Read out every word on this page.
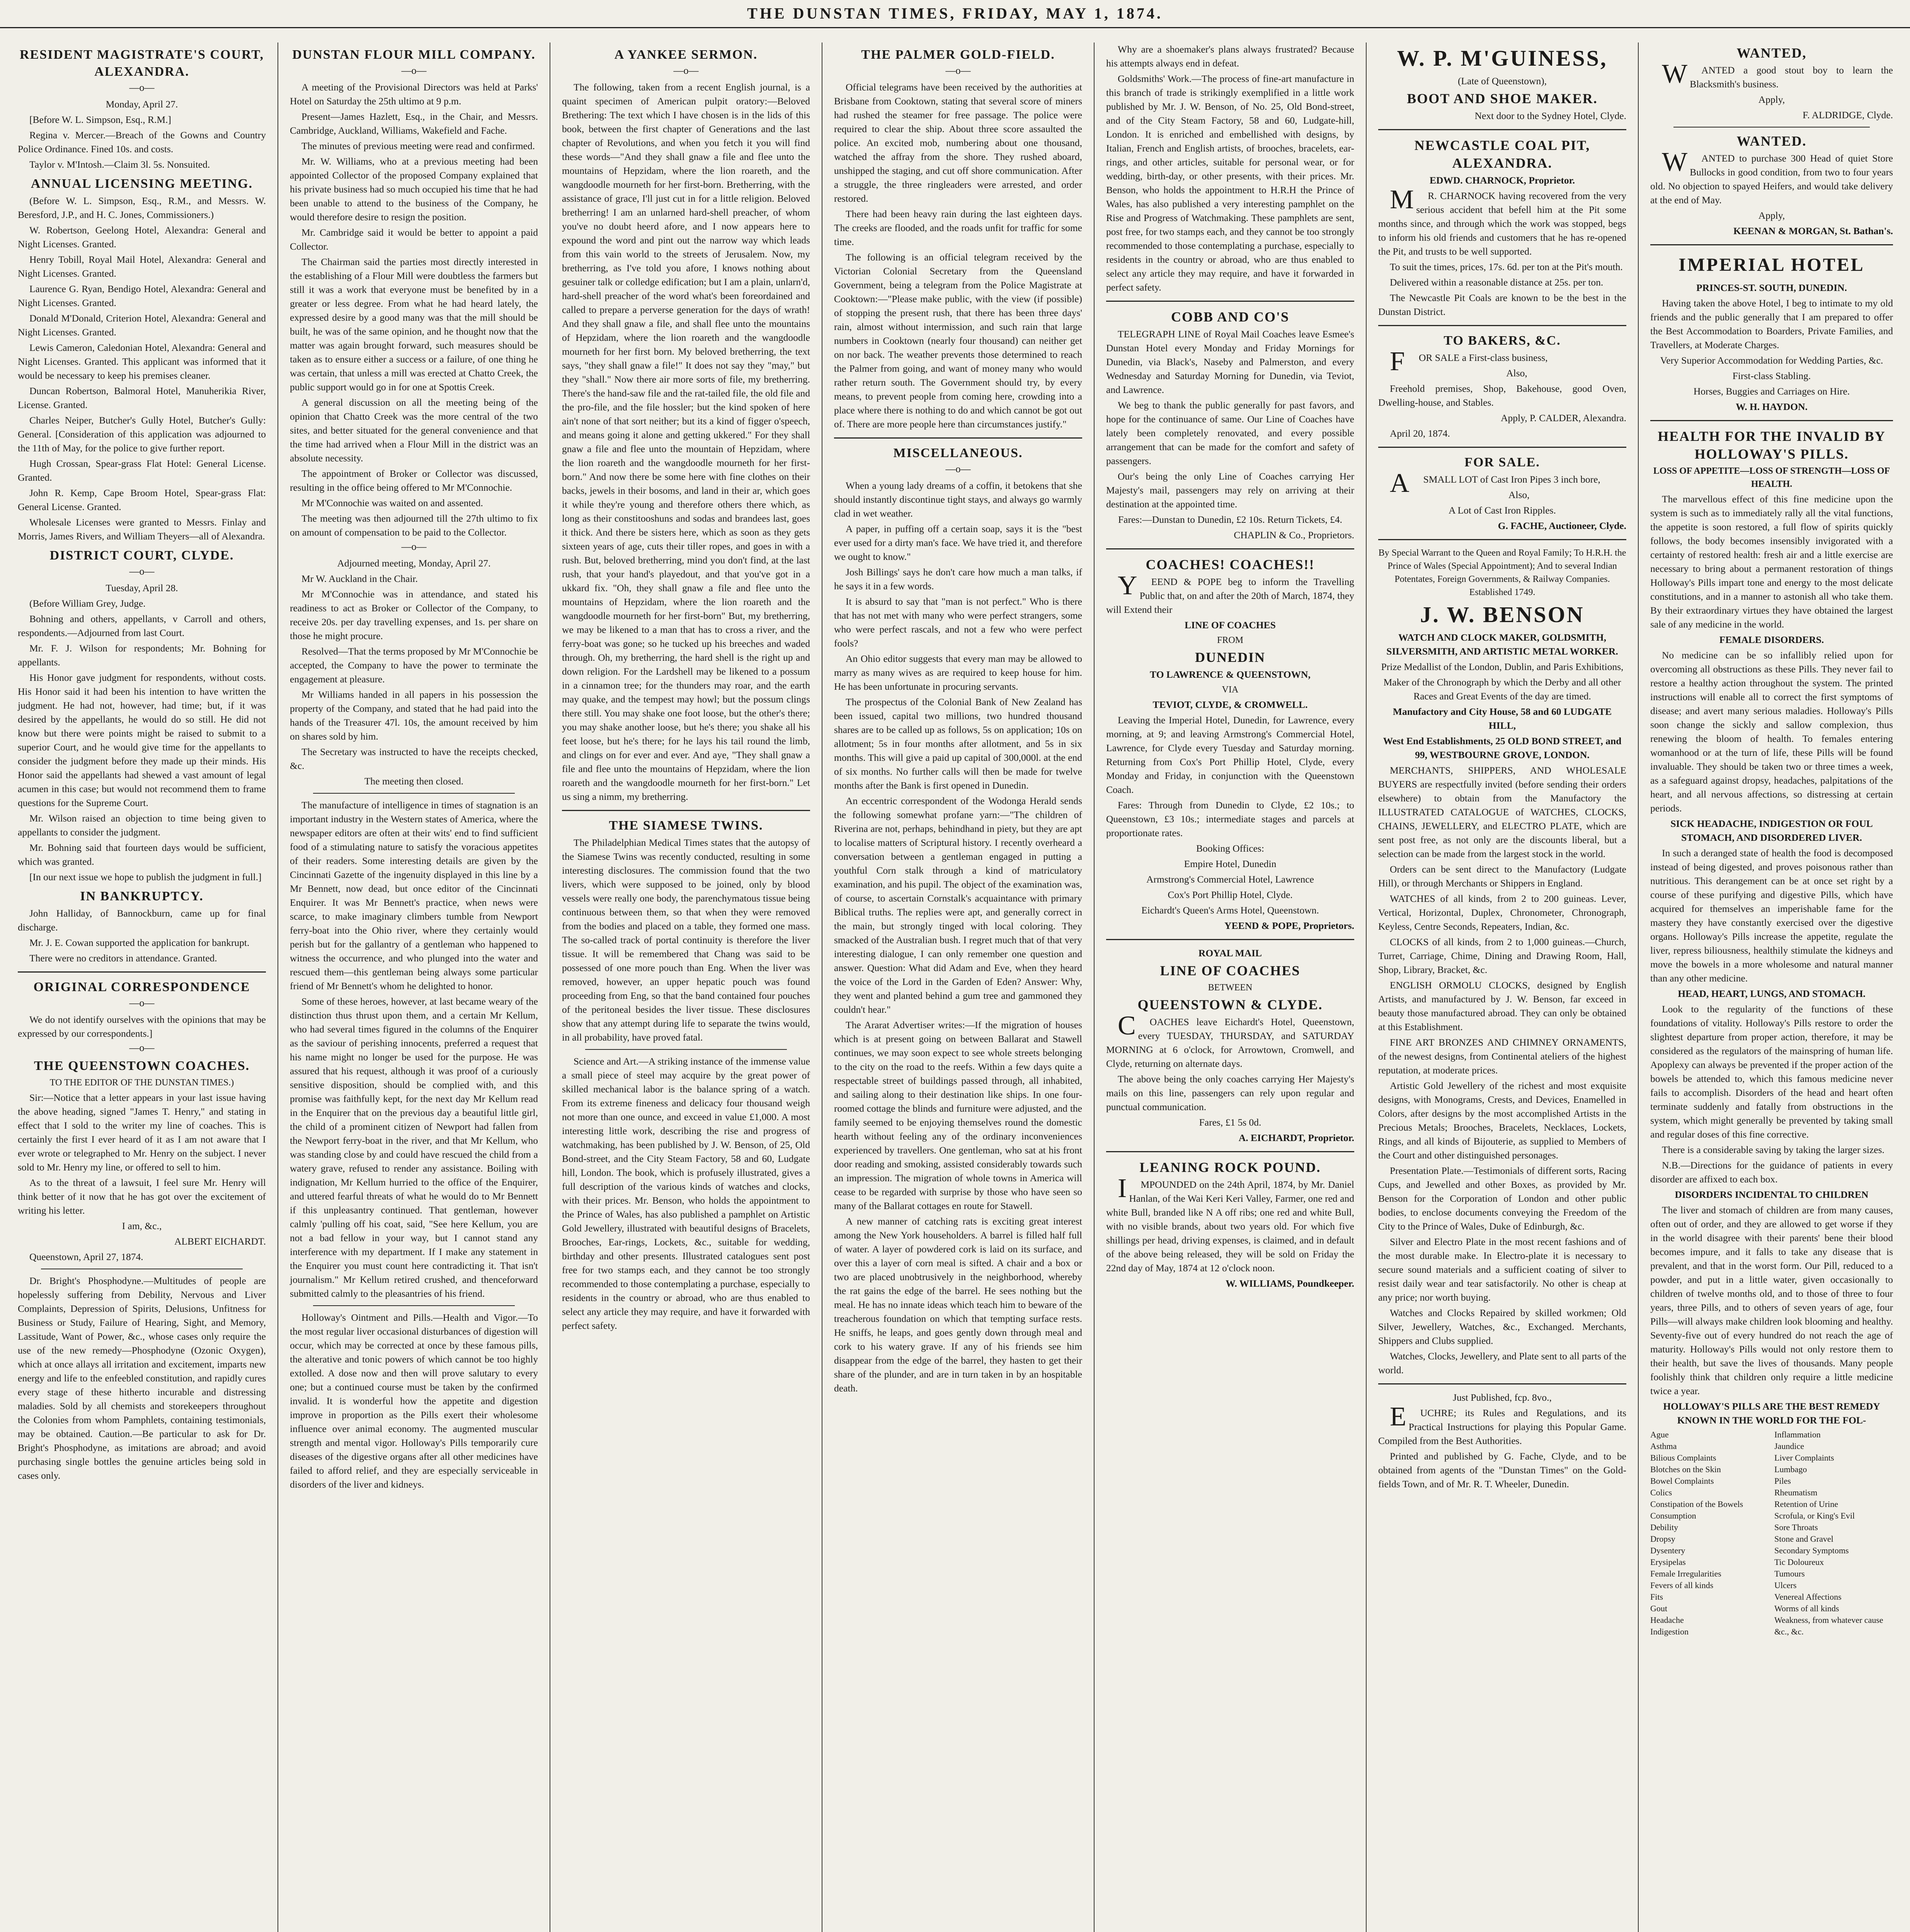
THE DUNSTAN TIMES, FRIDAY, MAY 1, 1874.
RESIDENT MAGISTRATE'S COURT, ALEXANDRA.
—o—
Monday, April 27.
[Before W. L. Simpson, Esq., R.M.]
Regina v. Mercer.—Breach of the Gowns and Country Police Ordinance. Fined 10s. and costs.
Taylor v. M'Intosh.—Claim 3l. 5s. Nonsuited.
ANNUAL LICENSING MEETING.
(Before W. L. Simpson, Esq., R.M., and Messrs. W. Beresford, J.P., and H. C. Jones, Commissioners.)
W. Robertson, Geelong Hotel, Alexandra: General and Night Licenses. Granted.
Henry Tobill, Royal Mail Hotel, Alexandra: General and Night Licenses. Granted.
Laurence G. Ryan, Bendigo Hotel, Alexandra: General and Night Licenses. Granted.
Donald M'Donald, Criterion Hotel, Alexandra: General and Night Licenses. Granted.
Lewis Cameron, Caledonian Hotel, Alexandra: General and Night Licenses. Granted. This applicant was informed that it would be necessary to keep his premises cleaner.
Duncan Robertson, Balmoral Hotel, Manuherikia River, License. Granted.
Charles Neiper, Butcher's Gully Hotel, Butcher's Gully: General. [Consideration of this application was adjourned to the 11th of May, for the police to give further report.
Hugh Crossan, Spear-grass Flat Hotel: General License. Granted.
John R. Kemp, Cape Broom Hotel, Spear-grass Flat: General License. Granted.
Wholesale Licenses were granted to Messrs. Finlay and Morris, James Rivers, and William Theyers—all of Alexandra.
DISTRICT COURT, CLYDE.
—o—
Tuesday, April 28.
(Before William Grey, Judge.
Bohning and others, appellants, v Carroll and others, respondents.—Adjourned from last Court.
Mr. F. J. Wilson for respondents; Mr. Bohning for appellants.
His Honor gave judgment for respondents, without costs. His Honor said it had been his intention to have written the judgment. He had not, however, had time; but, if it was desired by the appellants, he would do so still. He did not know but there were points might be raised to submit to a superior Court, and he would give time for the appellants to consider the judgment before they made up their minds. His Honor said the appellants had shewed a vast amount of legal acumen in this case; but would not recommend them to frame questions for the Supreme Court.
Mr. Wilson raised an objection to time being given to appellants to consider the judgment.
Mr. Bohning said that fourteen days would be sufficient, which was granted.
[In our next issue we hope to publish the judgment in full.]
IN BANKRUPTCY.
John Halliday, of Bannockburn, came up for final discharge.
Mr. J. E. Cowan supported the application for bankrupt.
There were no creditors in attendance. Granted.
ORIGINAL CORRESPONDENCE
—o—
We do not identify ourselves with the opinions that may be expressed by our correspondents.]
—o—
THE QUEENSTOWN COACHES.
TO THE EDITOR OF THE DUNSTAN TIMES.)
Sir:—Notice that a letter appears in your last issue having the above heading, signed "James T. Henry," and stating in effect that I sold to the writer my line of coaches. This is certainly the first I ever heard of it as I am not aware that I ever wrote or telegraphed to Mr. Henry on the subject. I never sold to Mr. Henry my line, or offered to sell to him.
As to the threat of a lawsuit, I feel sure Mr. Henry will think better of it now that he has got over the excitement of writing his letter.
I am, &c.,
ALBERT EICHARDT.
Queenstown, April 27, 1874.
Dr. Bright's Phosphodyne.—Multitudes of people are hopelessly suffering from Debility, Nervous and Liver Complaints, Depression of Spirits, Delusions, Unfitness for Business or Study, Failure of Hearing, Sight, and Memory, Lassitude, Want of Power, &c., whose cases only require the use of the new remedy—Phosphodyne (Ozonic Oxygen), which at once allays all irritation and excitement, imparts new energy and life to the enfeebled constitution, and rapidly cures every stage of these hitherto incurable and distressing maladies. Sold by all chemists and storekeepers throughout the Colonies from whom Pamphlets, containing testimonials, may be obtained. Caution.—Be particular to ask for Dr. Bright's Phosphodyne, as imitations are abroad; and avoid purchasing single bottles the genuine articles being sold in cases only.
DUNSTAN FLOUR MILL COMPANY.
—o—
A meeting of the Provisional Directors was held at Parks' Hotel on Saturday the 25th ultimo at 9 p.m.
Present—James Hazlett, Esq., in the Chair, and Messrs. Cambridge, Auckland, Williams, Wakefield and Fache.
The minutes of previous meeting were read and confirmed.
Mr. W. Williams, who at a previous meeting had been appointed Collector of the proposed Company explained that his private business had so much occupied his time that he had been unable to attend to the business of the Company, he would therefore desire to resign the position.
Mr. Cambridge said it would be better to appoint a paid Collector.
The Chairman said the parties most directly interested in the establishing of a Flour Mill were doubtless the farmers but still it was a work that everyone must be benefited by in a greater or less degree. From what he had heard lately, the expressed desire by a good many was that the mill should be built, he was of the same opinion, and he thought now that the matter was again brought forward, such measures should be taken as to ensure either a success or a failure, of one thing he was certain, that unless a mill was erected at Chatto Creek, the public support would go in for one at Spottis Creek.
A general discussion on all the meeting being of the opinion that Chatto Creek was the more central of the two sites, and better situated for the general convenience and that the time had arrived when a Flour Mill in the district was an absolute necessity.
The appointment of Broker or Collector was discussed, resulting in the office being offered to Mr M'Connochie.
Mr M'Connochie was waited on and assented.
The meeting was then adjourned till the 27th ultimo to fix on amount of compensation to be paid to the Collector.
—o—
Adjourned meeting, Monday, April 27.
Mr W. Auckland in the Chair.
Mr M'Connochie was in attendance, and stated his readiness to act as Broker or Collector of the Company, to receive 20s. per day travelling expenses, and 1s. per share on those he might procure.
Resolved—That the terms proposed by Mr M'Connochie be accepted, the Company to have the power to terminate the engagement at pleasure.
Mr Williams handed in all papers in his possession the property of the Company, and stated that he had paid into the hands of the Treasurer 47l. 10s, the amount received by him on shares sold by him.
The Secretary was instructed to have the receipts checked, &c.
The meeting then closed.
The manufacture of intelligence in times of stagnation is an important industry in the Western states of America, where the newspaper editors are often at their wits' end to find sufficient food of a stimulating nature to satisfy the voracious appetites of their readers. Some interesting details are given by the Cincinnati Gazette of the ingenuity displayed in this line by a Mr Bennett, now dead, but once editor of the Cincinnati Enquirer. It was Mr Bennett's practice, when news were scarce, to make imaginary climbers tumble from Newport ferry-boat into the Ohio river, where they certainly would perish but for the gallantry of a gentleman who happened to witness the occurrence, and who plunged into the water and rescued them—this gentleman being always some particular friend of Mr Bennett's whom he delighted to honor.
Some of these heroes, however, at last became weary of the distinction thus thrust upon them, and a certain Mr Kellum, who had several times figured in the columns of the Enquirer as the saviour of perishing innocents, preferred a request that his name might no longer be used for the purpose. He was assured that his request, although it was proof of a curiously sensitive disposition, should be complied with, and this promise was faithfully kept, for the next day Mr Kellum read in the Enquirer that on the previous day a beautiful little girl, the child of a prominent citizen of Newport had fallen from the Newport ferry-boat in the river, and that Mr Kellum, who was standing close by and could have rescued the child from a watery grave, refused to render any assistance. Boiling with indignation, Mr Kellum hurried to the office of the Enquirer, and uttered fearful threats of what he would do to Mr Bennett if this unpleasantry continued. That gentleman, however calmly 'pulling off his coat, said, "See here Kellum, you are not a bad fellow in your way, but I cannot stand any interference with my department. If I make any statement in the Enquirer you must count here contradicting it. That isn't journalism." Mr Kellum retired crushed, and thenceforward submitted calmly to the pleasantries of his friend.
Holloway's Ointment and Pills.—Health and Vigor.—To the most regular liver occasional disturbances of digestion will occur, which may be corrected at once by these famous pills, the alterative and tonic powers of which cannot be too highly extolled. A dose now and then will prove salutary to every one; but a continued course must be taken by the confirmed invalid. It is wonderful how the appetite and digestion improve in proportion as the Pills exert their wholesome influence over animal economy. The augmented muscular strength and mental vigor. Holloway's Pills temporarily cure diseases of the digestive organs after all other medicines have failed to afford relief, and they are especially serviceable in disorders of the liver and kidneys.
A YANKEE SERMON.
—o—
The following, taken from a recent English journal, is a quaint specimen of American pulpit oratory:—Beloved Brethering: The text which I have chosen is in the lids of this book, between the first chapter of Generations and the last chapter of Revolutions, and when you fetch it you will find these words—"And they shall gnaw a file and flee unto the mountains of Hepzidam, where the lion roareth, and the wangdoodle mourneth for her first-born. Bretherring, with the assistance of grace, I'll just cut in for a little religion. Beloved bretherring! I am an unlarned hard-shell preacher, of whom you've no doubt heerd afore, and I now appears here to expound the word and pint out the narrow way which leads from this vain world to the streets of Jerusalem. Now, my bretherring, as I've told you afore, I knows nothing about gesuiner talk or colledge edification; but I am a plain, unlarn'd, hard-shell preacher of the word what's been foreordained and called to prepare a perverse generation for the days of wrath! And they shall gnaw a file, and shall flee unto the mountains of Hepzidam, where the lion roareth and the wangdoodle mourneth for her first born. My beloved bretherring, the text says, "they shall gnaw a file!" It does not say they "may," but they "shall." Now there air more sorts of file, my bretherring. There's the hand-saw file and the rat-tailed file, the old file and the pro-file, and the file hossler; but the kind spoken of here ain't none of that sort neither; but its a kind of figger o'speech, and means going it alone and getting ukkered." For they shall gnaw a file and flee unto the mountain of Hepzidam, where the lion roareth and the wangdoodle mourneth for her first-born." And now there be some here with fine clothes on their backs, jewels in their bosoms, and land in their ar, which goes it while they're young and therefore others there which, as long as their constitooshuns and sodas and brandees last, goes it thick. And there be sisters here, which as soon as they gets sixteen years of age, cuts their tiller ropes, and goes in with a rush. But, beloved bretherring, mind you don't find, at the last rush, that your hand's playedout, and that you've got in a ukkard fix. "Oh, they shall gnaw a file and flee unto the mountains of Hepzidam, where the lion roareth and the wangdoodle mourneth for her first-born" But, my bretherring, we may be likened to a man that has to cross a river, and the ferry-boat was gone; so he tucked up his breeches and waded through. Oh, my bretherring, the hard shell is the right up and down religion. For the Lardshell may be likened to a possum in a cinnamon tree; for the thunders may roar, and the earth may quake, and the tempest may howl; but the possum clings there still. You may shake one foot loose, but the other's there; you may shake another loose, but he's there; you shake all his feet loose, but he's there; for he lays his tail round the limb, and clings on for ever and ever. And aye, "They shall gnaw a file and flee unto the mountains of Hepzidam, where the lion roareth and the wangdoodle mourneth for her first-born." Let us sing a nimm, my bretherring.
THE SIAMESE TWINS.
The Philadelphian Medical Times states that the autopsy of the Siamese Twins was recently conducted, resulting in some interesting disclosures. The commission found that the two livers, which were supposed to be joined, only by blood vessels were really one body, the parenchymatous tissue being continuous between them, so that when they were removed from the bodies and placed on a table, they formed one mass. The so-called track of portal continuity is therefore the liver tissue. It will be remembered that Chang was said to be possessed of one more pouch than Eng. When the liver was removed, however, an upper hepatic pouch was found proceeding from Eng, so that the band contained four pouches of the peritoneal besides the liver tissue. These disclosures show that any attempt during life to separate the twins would, in all probability, have proved fatal.
Science and Art.—A striking instance of the immense value a small piece of steel may acquire by the great power of skilled mechanical labor is the balance spring of a watch. From its extreme fineness and delicacy four thousand weigh not more than one ounce, and exceed in value £1,000. A most interesting little work, describing the rise and progress of watchmaking, has been published by J. W. Benson, of 25, Old Bond-street, and the City Steam Factory, 58 and 60, Ludgate hill, London. The book, which is profusely illustrated, gives a full description of the various kinds of watches and clocks, with their prices. Mr. Benson, who holds the appointment to the Prince of Wales, has also published a pamphlet on Artistic Gold Jewellery, illustrated with beautiful designs of Bracelets, Brooches, Ear-rings, Lockets, &c., suitable for wedding, birthday and other presents. Illustrated catalogues sent post free for two stamps each, and they cannot be too strongly recommended to those contemplating a purchase, especially to residents in the country or abroad, who are thus enabled to select any article they may require, and have it forwarded with perfect safety.
THE PALMER GOLD-FIELD.
—o—
Official telegrams have been received by the authorities at Brisbane from Cooktown, stating that several score of miners had rushed the steamer for free passage. The police were required to clear the ship. About three score assaulted the police. An excited mob, numbering about one thousand, watched the affray from the shore. They rushed aboard, unshipped the staging, and cut off shore communication. After a struggle, the three ringleaders were arrested, and order restored.
There had been heavy rain during the last eighteen days. The creeks are flooded, and the roads unfit for traffic for some time.
The following is an official telegram received by the Victorian Colonial Secretary from the Queensland Government, being a telegram from the Police Magistrate at Cooktown:—"Please make public, with the view (if possible) of stopping the present rush, that there has been three days' rain, almost without intermission, and such rain that large numbers in Cooktown (nearly four thousand) can neither get on nor back. The weather prevents those determined to reach the Palmer from going, and want of money many who would rather return south. The Government should try, by every means, to prevent people from coming here, crowding into a place where there is nothing to do and which cannot be got out of. There are more people here than circumstances justify."
MISCELLANEOUS.
—o—
When a young lady dreams of a coffin, it betokens that she should instantly discontinue tight stays, and always go warmly clad in wet weather.
A paper, in puffing off a certain soap, says it is the "best ever used for a dirty man's face. We have tried it, and therefore we ought to know."
Josh Billings' says he don't care how much a man talks, if he says it in a few words.
It is absurd to say that "man is not perfect." Who is there that has not met with many who were perfect strangers, some who were perfect rascals, and not a few who were perfect fools?
An Ohio editor suggests that every man may be allowed to marry as many wives as are required to keep house for him. He has been unfortunate in procuring servants.
The prospectus of the Colonial Bank of New Zealand has been issued, capital two millions, two hundred thousand shares are to be called up as follows, 5s on application; 10s on allotment; 5s in four months after allotment, and 5s in six months. This will give a paid up capital of 300,000l. at the end of six months. No further calls will then be made for twelve months after the Bank is first opened in Dunedin.
An eccentric correspondent of the Wodonga Herald sends the following somewhat profane yarn:—"The children of Riverina are not, perhaps, behindhand in piety, but they are apt to localise matters of Scriptural history. I recently overheard a conversation between a gentleman engaged in putting a youthful Corn stalk through a kind of matriculatory examination, and his pupil. The object of the examination was, of course, to ascertain Cornstalk's acquaintance with primary Biblical truths. The replies were apt, and generally correct in the main, but strongly tinged with local coloring. They smacked of the Australian bush. I regret much that of that very interesting dialogue, I can only remember one question and answer. Question: What did Adam and Eve, when they heard the voice of the Lord in the Garden of Eden? Answer: Why, they went and planted behind a gum tree and gammoned they couldn't hear."
The Ararat Advertiser writes:—If the migration of houses which is at present going on between Ballarat and Stawell continues, we may soon expect to see whole streets belonging to the city on the road to the reefs. Within a few days quite a respectable street of buildings passed through, all inhabited, and sailing along to their destination like ships. In one four-roomed cottage the blinds and furniture were adjusted, and the family seemed to be enjoying themselves round the domestic hearth without feeling any of the ordinary inconveniences experienced by travellers. One gentleman, who sat at his front door reading and smoking, assisted considerably towards such an impression. The migration of whole towns in America will cease to be regarded with surprise by those who have seen so many of the Ballarat cottages en route for Stawell.
A new manner of catching rats is exciting great interest among the New York householders. A barrel is filled half full of water. A layer of powdered cork is laid on its surface, and over this a layer of corn meal is sifted. A chair and a box or two are placed unobtrusively in the neighborhood, whereby the rat gains the edge of the barrel. He sees nothing but the meal. He has no innate ideas which teach him to beware of the treacherous foundation on which that tempting surface rests. He sniffs, he leaps, and goes gently down through meal and cork to his watery grave. If any of his friends see him disappear from the edge of the barrel, they hasten to get their share of the plunder, and are in turn taken in by an hospitable death.
Why are a shoemaker's plans always frustrated? Because his attempts always end in defeat.
Goldsmiths' Work.—The process of fine-art manufacture in this branch of trade is strikingly exemplified in a little work published by Mr. J. W. Benson, of No. 25, Old Bond-street, and of the City Steam Factory, 58 and 60, Ludgate-hill, London. It is enriched and embellished with designs, by Italian, French and English artists, of brooches, bracelets, ear-rings, and other articles, suitable for personal wear, or for wedding, birth-day, or other presents, with their prices. Mr. Benson, who holds the appointment to H.R.H the Prince of Wales, has also published a very interesting pamphlet on the Rise and Progress of Watchmaking. These pamphlets are sent, post free, for two stamps each, and they cannot be too strongly recommended to those contemplating a purchase, especially to residents in the country or abroad, who are thus enabled to select any article they may require, and have it forwarded in perfect safety.
COBB AND CO'S
TELEGRAPH LINE of Royal Mail Coaches leave Esmee's Dunstan Hotel every Monday and Friday Mornings for Dunedin, via Black's, Naseby and Palmerston, and every Wednesday and Saturday Morning for Dunedin, via Teviot, and Lawrence.
We beg to thank the public generally for past favors, and hope for the continuance of same. Our Line of Coaches have lately been completely renovated, and every possible arrangement that can be made for the comfort and safety of passengers.
Our's being the only Line of Coaches carrying Her Majesty's mail, passengers may rely on arriving at their destination at the appointed time.
Fares:—Dunstan to Dunedin, £2 10s. Return Tickets, £4.
CHAPLIN & Co., Proprietors.
COACHES! COACHES!!
YEEND & POPE beg to inform the Travelling Public that, on and after the 20th of March, 1874, they will Extend their
LINE OF COACHES
FROM
DUNEDIN
TO LAWRENCE & QUEENSTOWN,
VIA
TEVIOT, CLYDE, & CROMWELL.
Leaving the Imperial Hotel, Dunedin, for Lawrence, every morning, at 9; and leaving Armstrong's Commercial Hotel, Lawrence, for Clyde every Tuesday and Saturday morning. Returning from Cox's Port Phillip Hotel, Clyde, every Monday and Friday, in conjunction with the Queenstown Coach.
Fares: Through from Dunedin to Clyde, £2 10s.; to Queenstown, £3 10s.; intermediate stages and parcels at proportionate rates.
Booking Offices:
Empire Hotel, Dunedin
Armstrong's Commercial Hotel, Lawrence
Cox's Port Phillip Hotel, Clyde.
Eichardt's Queen's Arms Hotel, Queenstown.
YEEND & POPE, Proprietors.
ROYAL MAIL
LINE OF COACHES
BETWEEN
QUEENSTOWN & CLYDE.
COACHES leave Eichardt's Hotel, Queenstown, every TUESDAY, THURSDAY, and SATURDAY MORNING at 6 o'clock, for Arrowtown, Cromwell, and Clyde, returning on alternate days.
The above being the only coaches carrying Her Majesty's mails on this line, passengers can rely upon regular and punctual communication.
Fares, £1 5s 0d.
A. EICHARDT, Proprietor.
LEANING ROCK POUND.
IMPOUNDED on the 24th April, 1874, by Mr. Daniel Hanlan, of the Wai Keri Keri Valley, Farmer, one red and white Bull, branded like N A off ribs; one red and white Bull, with no visible brands, about two years old. For which five shillings per head, driving expenses, is claimed, and in default of the above being released, they will be sold on Friday the 22nd day of May, 1874 at 12 o'clock noon.
W. WILLIAMS, Poundkeeper.
W. P. M'GUINESS,
(Late of Queenstown),
BOOT AND SHOE MAKER.
Next door to the Sydney Hotel, Clyde.
NEWCASTLE COAL PIT, ALEXANDRA.
EDWD. CHARNOCK, Proprietor.
MR. CHARNOCK having recovered from the very serious accident that befell him at the Pit some months since, and through which the work was stopped, begs to inform his old friends and customers that he has re-opened the Pit, and trusts to be well supported.
To suit the times, prices, 17s. 6d. per ton at the Pit's mouth.
Delivered within a reasonable distance at 25s. per ton.
The Newcastle Pit Coals are known to be the best in the Dunstan District.
TO BAKERS, &C.
FOR SALE a First-class business,
Also,
Freehold premises, Shop, Bakehouse, good Oven, Dwelling-house, and Stables.
Apply, P. CALDER, Alexandra.
April 20, 1874.
FOR SALE.
ASMALL LOT of Cast Iron Pipes 3 inch bore,
Also,
A Lot of Cast Iron Ripples.
G. FACHE, Auctioneer, Clyde.
By Special Warrant to the Queen and Royal Family; To H.R.H. the Prince of Wales (Special Appointment); And to several Indian Potentates, Foreign Governments, & Railway Companies. Established 1749.
J. W. BENSON
WATCH AND CLOCK MAKER, GOLDSMITH, SILVERSMITH, AND ARTISTIC METAL WORKER.
Prize Medallist of the London, Dublin, and Paris Exhibitions,
Maker of the Chronograph by which the Derby and all other Races and Great Events of the day are timed.
Manufactory and City House, 58 and 60 LUDGATE HILL,
West End Establishments, 25 OLD BOND STREET, and 99, WESTBOURNE GROVE, LONDON.
MERCHANTS, SHIPPERS, AND WHOLESALE BUYERS are respectfully invited (before sending their orders elsewhere) to obtain from the Manufactory the ILLUSTRATED CATALOGUE of WATCHES, CLOCKS, CHAINS, JEWELLERY, and ELECTRO PLATE, which are sent post free, as not only are the discounts liberal, but a selection can be made from the largest stock in the world.
Orders can be sent direct to the Manufactory (Ludgate Hill), or through Merchants or Shippers in England.
WATCHES of all kinds, from 2 to 200 guineas. Lever, Vertical, Horizontal, Duplex, Chronometer, Chronograph, Keyless, Centre Seconds, Repeaters, Indian, &c.
CLOCKS of all kinds, from 2 to 1,000 guineas.—Church, Turret, Carriage, Chime, Dining and Drawing Room, Hall, Shop, Library, Bracket, &c.
ENGLISH ORMOLU CLOCKS, designed by English Artists, and manufactured by J. W. Benson, far exceed in beauty those manufactured abroad. They can only be obtained at this Establishment.
FINE ART BRONZES AND CHIMNEY ORNAMENTS, of the newest designs, from Continental ateliers of the highest reputation, at moderate prices.
Artistic Gold Jewellery of the richest and most exquisite designs, with Monograms, Crests, and Devices, Enamelled in Colors, after designs by the most accomplished Artists in the Precious Metals; Brooches, Bracelets, Necklaces, Lockets, Rings, and all kinds of Bijouterie, as supplied to Members of the Court and other distinguished personages.
Presentation Plate.—Testimonials of different sorts, Racing Cups, and Jewelled and other Boxes, as provided by Mr. Benson for the Corporation of London and other public bodies, to enclose documents conveying the Freedom of the City to the Prince of Wales, Duke of Edinburgh, &c.
Silver and Electro Plate in the most recent fashions and of the most durable make. In Electro-plate it is necessary to secure sound materials and a sufficient coating of silver to resist daily wear and tear satisfactorily. No other is cheap at any price; nor worth buying.
Watches and Clocks Repaired by skilled workmen; Old Silver, Jewellery, Watches, &c., Exchanged. Merchants, Shippers and Clubs supplied.
Watches, Clocks, Jewellery, and Plate sent to all parts of the world.
Just Published, fcp. 8vo.,
EUCHRE; its Rules and Regulations, and its Practical Instructions for playing this Popular Game. Compiled from the Best Authorities.
Printed and published by G. Fache, Clyde, and to be obtained from agents of the "Dunstan Times" on the Gold-fields Town, and of Mr. R. T. Wheeler, Dunedin.
WANTED,
WANTED a good stout boy to learn the Blacksmith's business.
Apply,
F. ALDRIDGE, Clyde.
WANTED.
WANTED to purchase 300 Head of quiet Store Bullocks in good condition, from two to four years old. No objection to spayed Heifers, and would take delivery at the end of May.
Apply,
KEENAN & MORGAN, St. Bathan's.
IMPERIAL HOTEL
PRINCES-ST. SOUTH, DUNEDIN.
Having taken the above Hotel, I beg to intimate to my old friends and the public generally that I am prepared to offer the Best Accommodation to Boarders, Private Families, and Travellers, at Moderate Charges.
Very Superior Accommodation for Wedding Parties, &c.
First-class Stabling.
Horses, Buggies and Carriages on Hire.
W. H. HAYDON.
HEALTH FOR THE INVALID BY HOLLOWAY'S PILLS.
LOSS OF APPETITE—LOSS OF STRENGTH—LOSS OF HEALTH.
The marvellous effect of this fine medicine upon the system is such as to immediately rally all the vital functions, the appetite is soon restored, a full flow of spirits quickly follows, the body becomes insensibly invigorated with a certainty of restored health: fresh air and a little exercise are necessary to bring about a permanent restoration of things Holloway's Pills impart tone and energy to the most delicate constitutions, and in a manner to astonish all who take them. By their extraordinary virtues they have obtained the largest sale of any medicine in the world.
FEMALE DISORDERS.
No medicine can be so infallibly relied upon for overcoming all obstructions as these Pills. They never fail to restore a healthy action throughout the system. The printed instructions will enable all to correct the first symptoms of disease; and avert many serious maladies. Holloway's Pills soon change the sickly and sallow complexion, thus renewing the bloom of health. To females entering womanhood or at the turn of life, these Pills will be found invaluable. They should be taken two or three times a week, as a safeguard against dropsy, headaches, palpitations of the heart, and all nervous affections, so distressing at certain periods.
SICK HEADACHE, INDIGESTION OR FOUL STOMACH, AND DISORDERED LIVER.
In such a deranged state of health the food is decomposed instead of being digested, and proves poisonous rather than nutritious. This derangement can be at once set right by a course of these purifying and digestive Pills, which have acquired for themselves an imperishable fame for the mastery they have constantly exercised over the digestive organs. Holloway's Pills increase the appetite, regulate the liver, repress biliousness, healthily stimulate the kidneys and move the bowels in a more wholesome and natural manner than any other medicine.
HEAD, HEART, LUNGS, AND STOMACH.
Look to the regularity of the functions of these foundations of vitality. Holloway's Pills restore to order the slightest departure from proper action, therefore, it may be considered as the regulators of the mainspring of human life. Apoplexy can always be prevented if the proper action of the bowels be attended to, which this famous medicine never fails to accomplish. Disorders of the head and heart often terminate suddenly and fatally from obstructions in the system, which might generally be prevented by taking small and regular doses of this fine corrective.
There is a considerable saving by taking the larger sizes.
N.B.—Directions for the guidance of patients in every disorder are affixed to each box.
DISORDERS INCIDENTAL TO CHILDREN
The liver and stomach of children are from many causes, often out of order, and they are allowed to get worse if they in the world disagree with their parents' bene their blood becomes impure, and it falls to take any disease that is prevalent, and that in the worst form. Our Pill, reduced to a powder, and put in a little water, given occasionally to children of twelve months old, and to those of three to four years, three Pills, and to others of seven years of age, four Pills—will always make children look blooming and healthy. Seventy-five out of every hundred do not reach the age of maturity. Holloway's Pills would not only restore them to their health, but save the lives of thousands. Many people foolishly think that children only require a little medicine twice a year.
HOLLOWAY'S PILLS ARE THE BEST REMEDY KNOWN IN THE WORLD FOR THE FOL-
Ague	Inflammation
Asthma	Jaundice
Bilious Complaints	Liver Complaints
Blotches on the Skin	Lumbago
Bowel Complaints	Piles
Colics	Rheumatism
Constipation of the Bowels	Retention of Urine
Consumption	Scrofula, or King's Evil
Debility	Sore Throats
Dropsy	Stone and Gravel
Dysentery	Secondary Symptoms
Erysipelas	Tic Doloureux
Female Irregularities	Tumours
Fevers of all kinds	Ulcers
Fits	Venereal Affections
Gout	Worms of all kinds
Headache	Weakness, from whatever cause
Indigestion	&c., &c.
